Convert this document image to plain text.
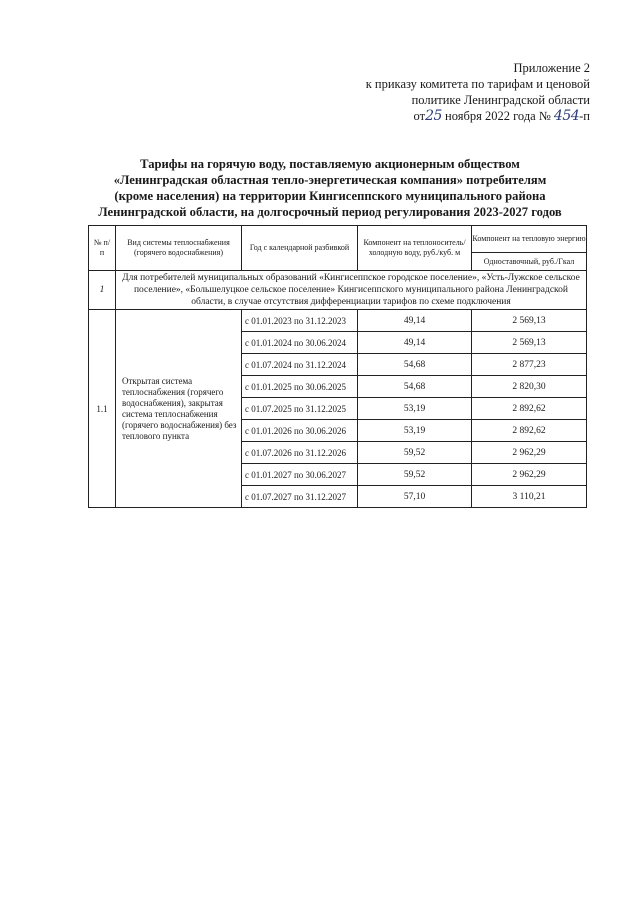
Приложение 2
к приказу комитета по тарифам и ценовой
политике Ленинградской области
от25 ноября 2022 года № 454-п
Тарифы на горячую воду, поставляемую акционерным обществом «Ленинградская областная тепло-энергетическая компания» потребителям (кроме населения) на территории Кингисеппского муниципального района Ленинградской области, на долгосрочный период регулирования 2023-2027 годов
№ п/п	Вид системы теплоснабжения (горячего водоснабжения)	Год с календарной разбивкой	Компонент на теплоноситель/ холодную воду, руб./куб. м	Компонент на тепловую энергию
Одноставочный, руб./Гкал

1	Для потребителей муниципальных образований «Кингисеппское городское поселение», «Усть-Лужское сельское поселение», «Большелуцкое сельское поселение» Кингисеппского муниципального района Ленинградской области, в случае отсутствия дифференциации тарифов по схеме подключения			
1.1	Открытая система теплоснабжения (горячего водоснабжения), закрытая система теплоснабжения (горячего водоснабжения) без теплового пункта	с 01.01.2023 по 31.12.2023	49,14	2 569,13
		с 01.01.2024 по 30.06.2024	49,14	2 569,13
		с 01.07.2024 по 31.12.2024	54,68	2 877,23
		с 01.01.2025 по 30.06.2025	54,68	2 820,30
		с 01.07.2025 по 31.12.2025	53,19	2 892,62
		с 01.01.2026 по 30.06.2026	53,19	2 892,62
		с 01.07.2026 по 31.12.2026	59,52	2 962,29
		с 01.01.2027 по 30.06.2027	59,52	2 962,29
		с 01.07.2027 по 31.12.2027	57,10	3 110,21
